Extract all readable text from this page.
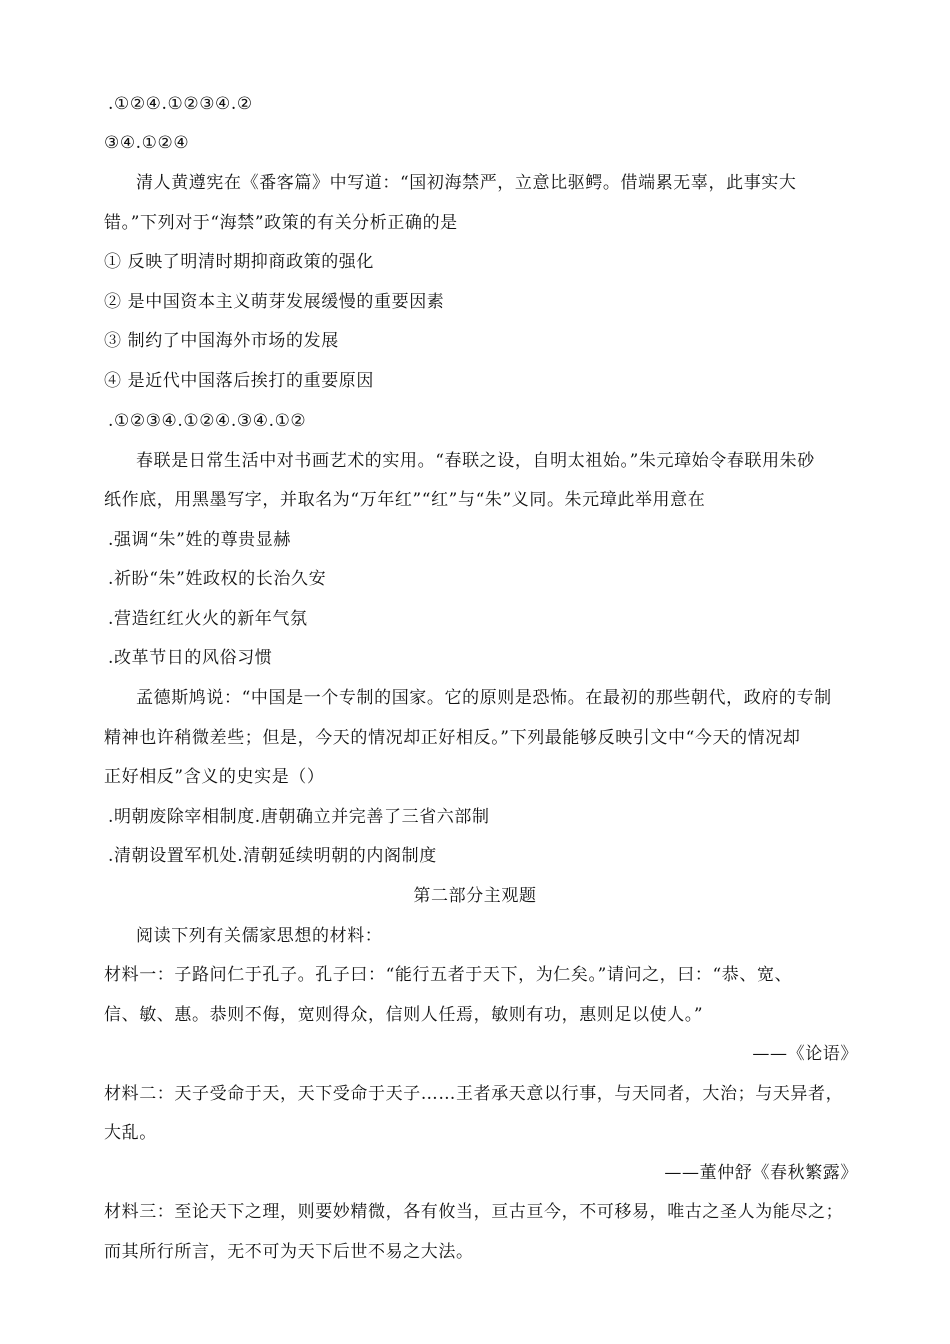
.①②④.①②③④.②
③④.①②④
清人黄遵宪在《番客篇》中写道：“国初海禁严，立意比驱鳄。借端累无辜，此事实大
错。”下列对于“海禁”政策的有关分析正确的是
① 反映了明清时期抑商政策的强化
② 是中国资本主义萌芽发展缓慢的重要因素
③ 制约了中国海外市场的发展
④ 是近代中国落后挨打的重要原因
.①②③④.①②④.③④.①②
春联是日常生活中对书画艺术的实用。“春联之设，自明太祖始。”朱元璋始令春联用朱砂
纸作底，用黑墨写字，并取名为“万年红”“红”与“朱”义同。朱元璋此举用意在
.强调“朱”姓的尊贵显赫
.祈盼“朱”姓政权的长治久安
.营造红红火火的新年气氛
.改革节日的风俗习惯
孟德斯鸠说：“中国是一个专制的国家。它的原则是恐怖。在最初的那些朝代，政府的专制
精神也许稍微差些；但是，今天的情况却正好相反。”下列最能够反映引文中“今天的情况却
正好相反”含义的史实是（）
.明朝废除宰相制度.唐朝确立并完善了三省六部制
.清朝设置军机处.清朝延续明朝的内阁制度
第二部分主观题
阅读下列有关儒家思想的材料：
材料一：子路问仁于孔子。孔子曰：“能行五者于天下，为仁矣。”请问之，曰：“恭、宽、
信、敏、惠。恭则不侮，宽则得众，信则人任焉，敏则有功，惠则足以使人。”
——《论语》
材料二：天子受命于天，天下受命于天子……王者承天意以行事，与天同者，大治；与天异者，
大乱。
——董仲舒《春秋繁露》
材料三：至论天下之理，则要妙精微，各有攸当，亘古亘今，不可移易，唯古之圣人为能尽之；
而其所行所言，无不可为天下后世不易之大法。
